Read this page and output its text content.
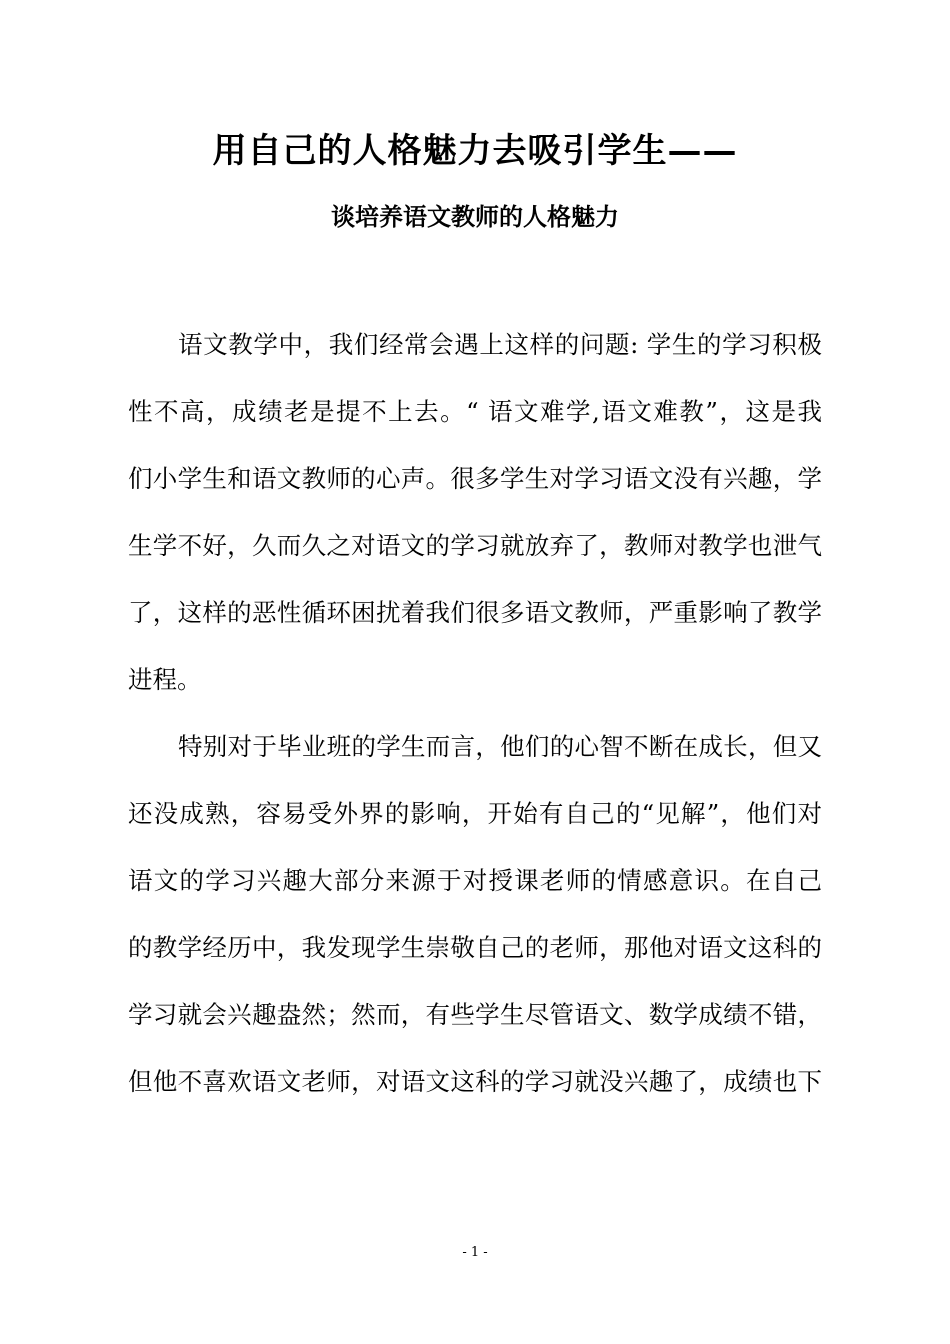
用自己的人格魅力去吸引学生——
谈培养语文教师的人格魅力
语文教学中，我们经常会遇上这样的问题: 学生的学习积极
性不高，成绩老是提不上去。“ 语文难学,语文难教”，这是我
们小学生和语文教师的心声。很多学生对学习语文没有兴趣，学
生学不好，久而久之对语文的学习就放弃了，教师对教学也泄气
了，这样的恶性循环困扰着我们很多语文教师，严重影响了教学
进程。
特别对于毕业班的学生而言，他们的心智不断在成长，但又
还没成熟，容易受外界的影响，开始有自己的“见解”，他们对
语文的学习兴趣大部分来源于对授课老师的情感意识。在自己
的教学经历中，我发现学生崇敬自己的老师，那他对语文这科的
学习就会兴趣盎然；然而，有些学生尽管语文、数学成绩不错，
但他不喜欢语文老师，对语文这科的学习就没兴趣了，成绩也下
- 1 -
